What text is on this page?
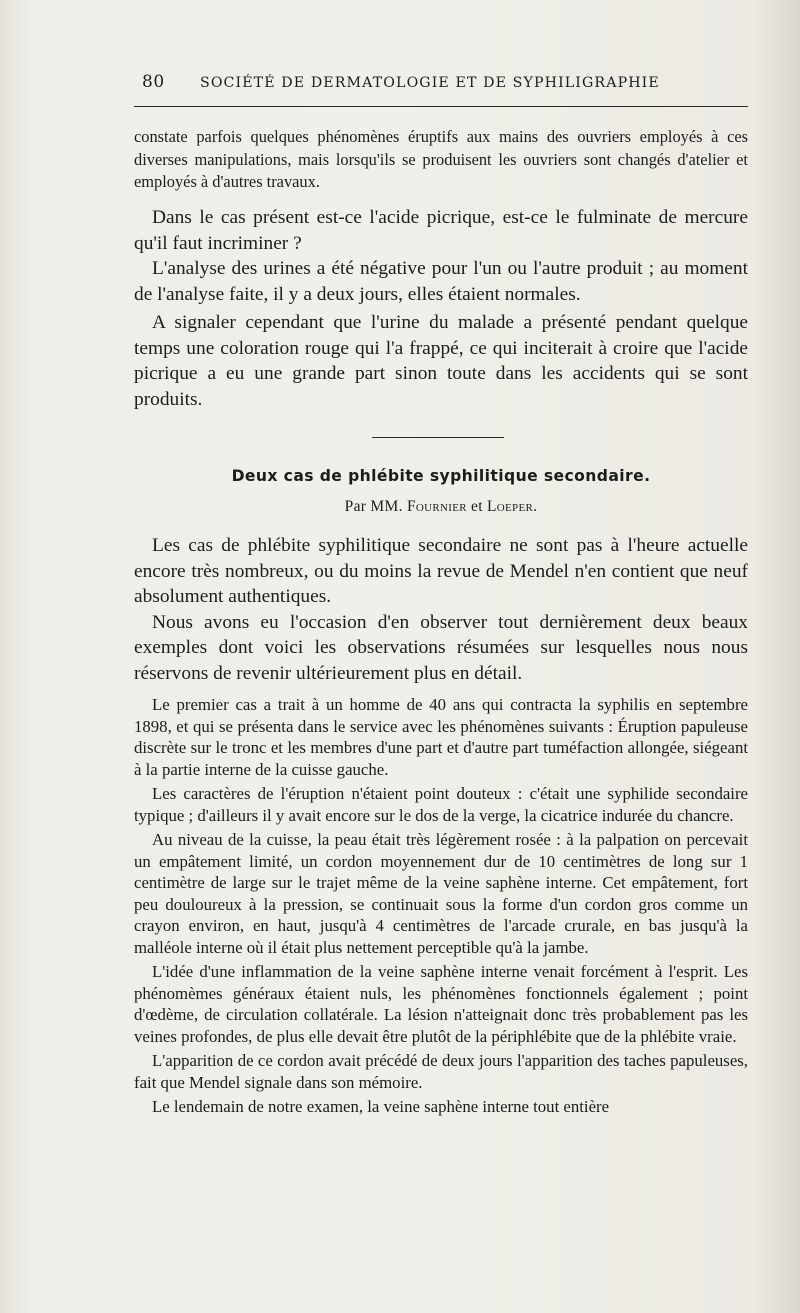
80 SOCIÉTÉ DE DERMATOLOGIE ET DE SYPHILIGRAPHIE

constate parfois quelques phénomènes éruptifs aux mains des ouvriers employés à ces diverses manipulations, mais lorsqu'ils se produisent les ouvriers sont changés d'atelier et employés à d'autres travaux.

Dans le cas présent est-ce l'acide picrique, est-ce le fulminate de mercure qu'il faut incriminer ?

L'analyse des urines a été négative pour l'un ou l'autre produit ; au moment de l'analyse faite, il y a deux jours, elles étaient normales.

A signaler cependant que l'urine du malade a présenté pendant quelque temps une coloration rouge qui l'a frappé, ce qui inciterait à croire que l'acide picrique a eu une grande part sinon toute dans les accidents qui se sont produits.

Deux cas de phlébite syphilitique secondaire.
Par MM. Fournier et Loeper.

Les cas de phlébite syphilitique secondaire ne sont pas à l'heure actuelle encore très nombreux, ou du moins la revue de Mendel n'en contient que neuf absolument authentiques.

Nous avons eu l'occasion d'en observer tout dernièrement deux beaux exemples dont voici les observations résumées sur lesquelles nous nous réservons de revenir ultérieurement plus en détail.

Le premier cas a trait à un homme de 40 ans qui contracta la syphilis en septembre 1898, et qui se présenta dans le service avec les phénomènes suivants : Éruption papuleuse discrète sur le tronc et les membres d'une part et d'autre part tuméfaction allongée, siégeant à la partie interne de la cuisse gauche.

Les caractères de l'éruption n'étaient point douteux : c'était une syphilide secondaire typique ; d'ailleurs il y avait encore sur le dos de la verge, la cicatrice indurée du chancre.

Au niveau de la cuisse, la peau était très légèrement rosée : à la palpation on percevait un empâtement limité, un cordon moyennement dur de 10 centimètres de long sur 1 centimètre de large sur le trajet même de la veine saphène interne. Cet empâtement, fort peu douloureux à la pression, se continuait sous la forme d'un cordon gros comme un crayon environ, en haut, jusqu'à 4 centimètres de l'arcade crurale, en bas jusqu'à la malléole interne où il était plus nettement perceptible qu'à la jambe.

L'idée d'une inflammation de la veine saphène interne venait forcément à l'esprit. Les phénomèmes généraux étaient nuls, les phénomènes fonctionnels également ; point d'œdème, de circulation collatérale. La lésion n'atteignait donc très probablement pas les veines profondes, de plus elle devait être plutôt de la périphlébite que de la phlébite vraie.

L'apparition de ce cordon avait précédé de deux jours l'apparition des taches papuleuses, fait que Mendel signale dans son mémoire.

Le lendemain de notre examen, la veine saphène interne tout entière
